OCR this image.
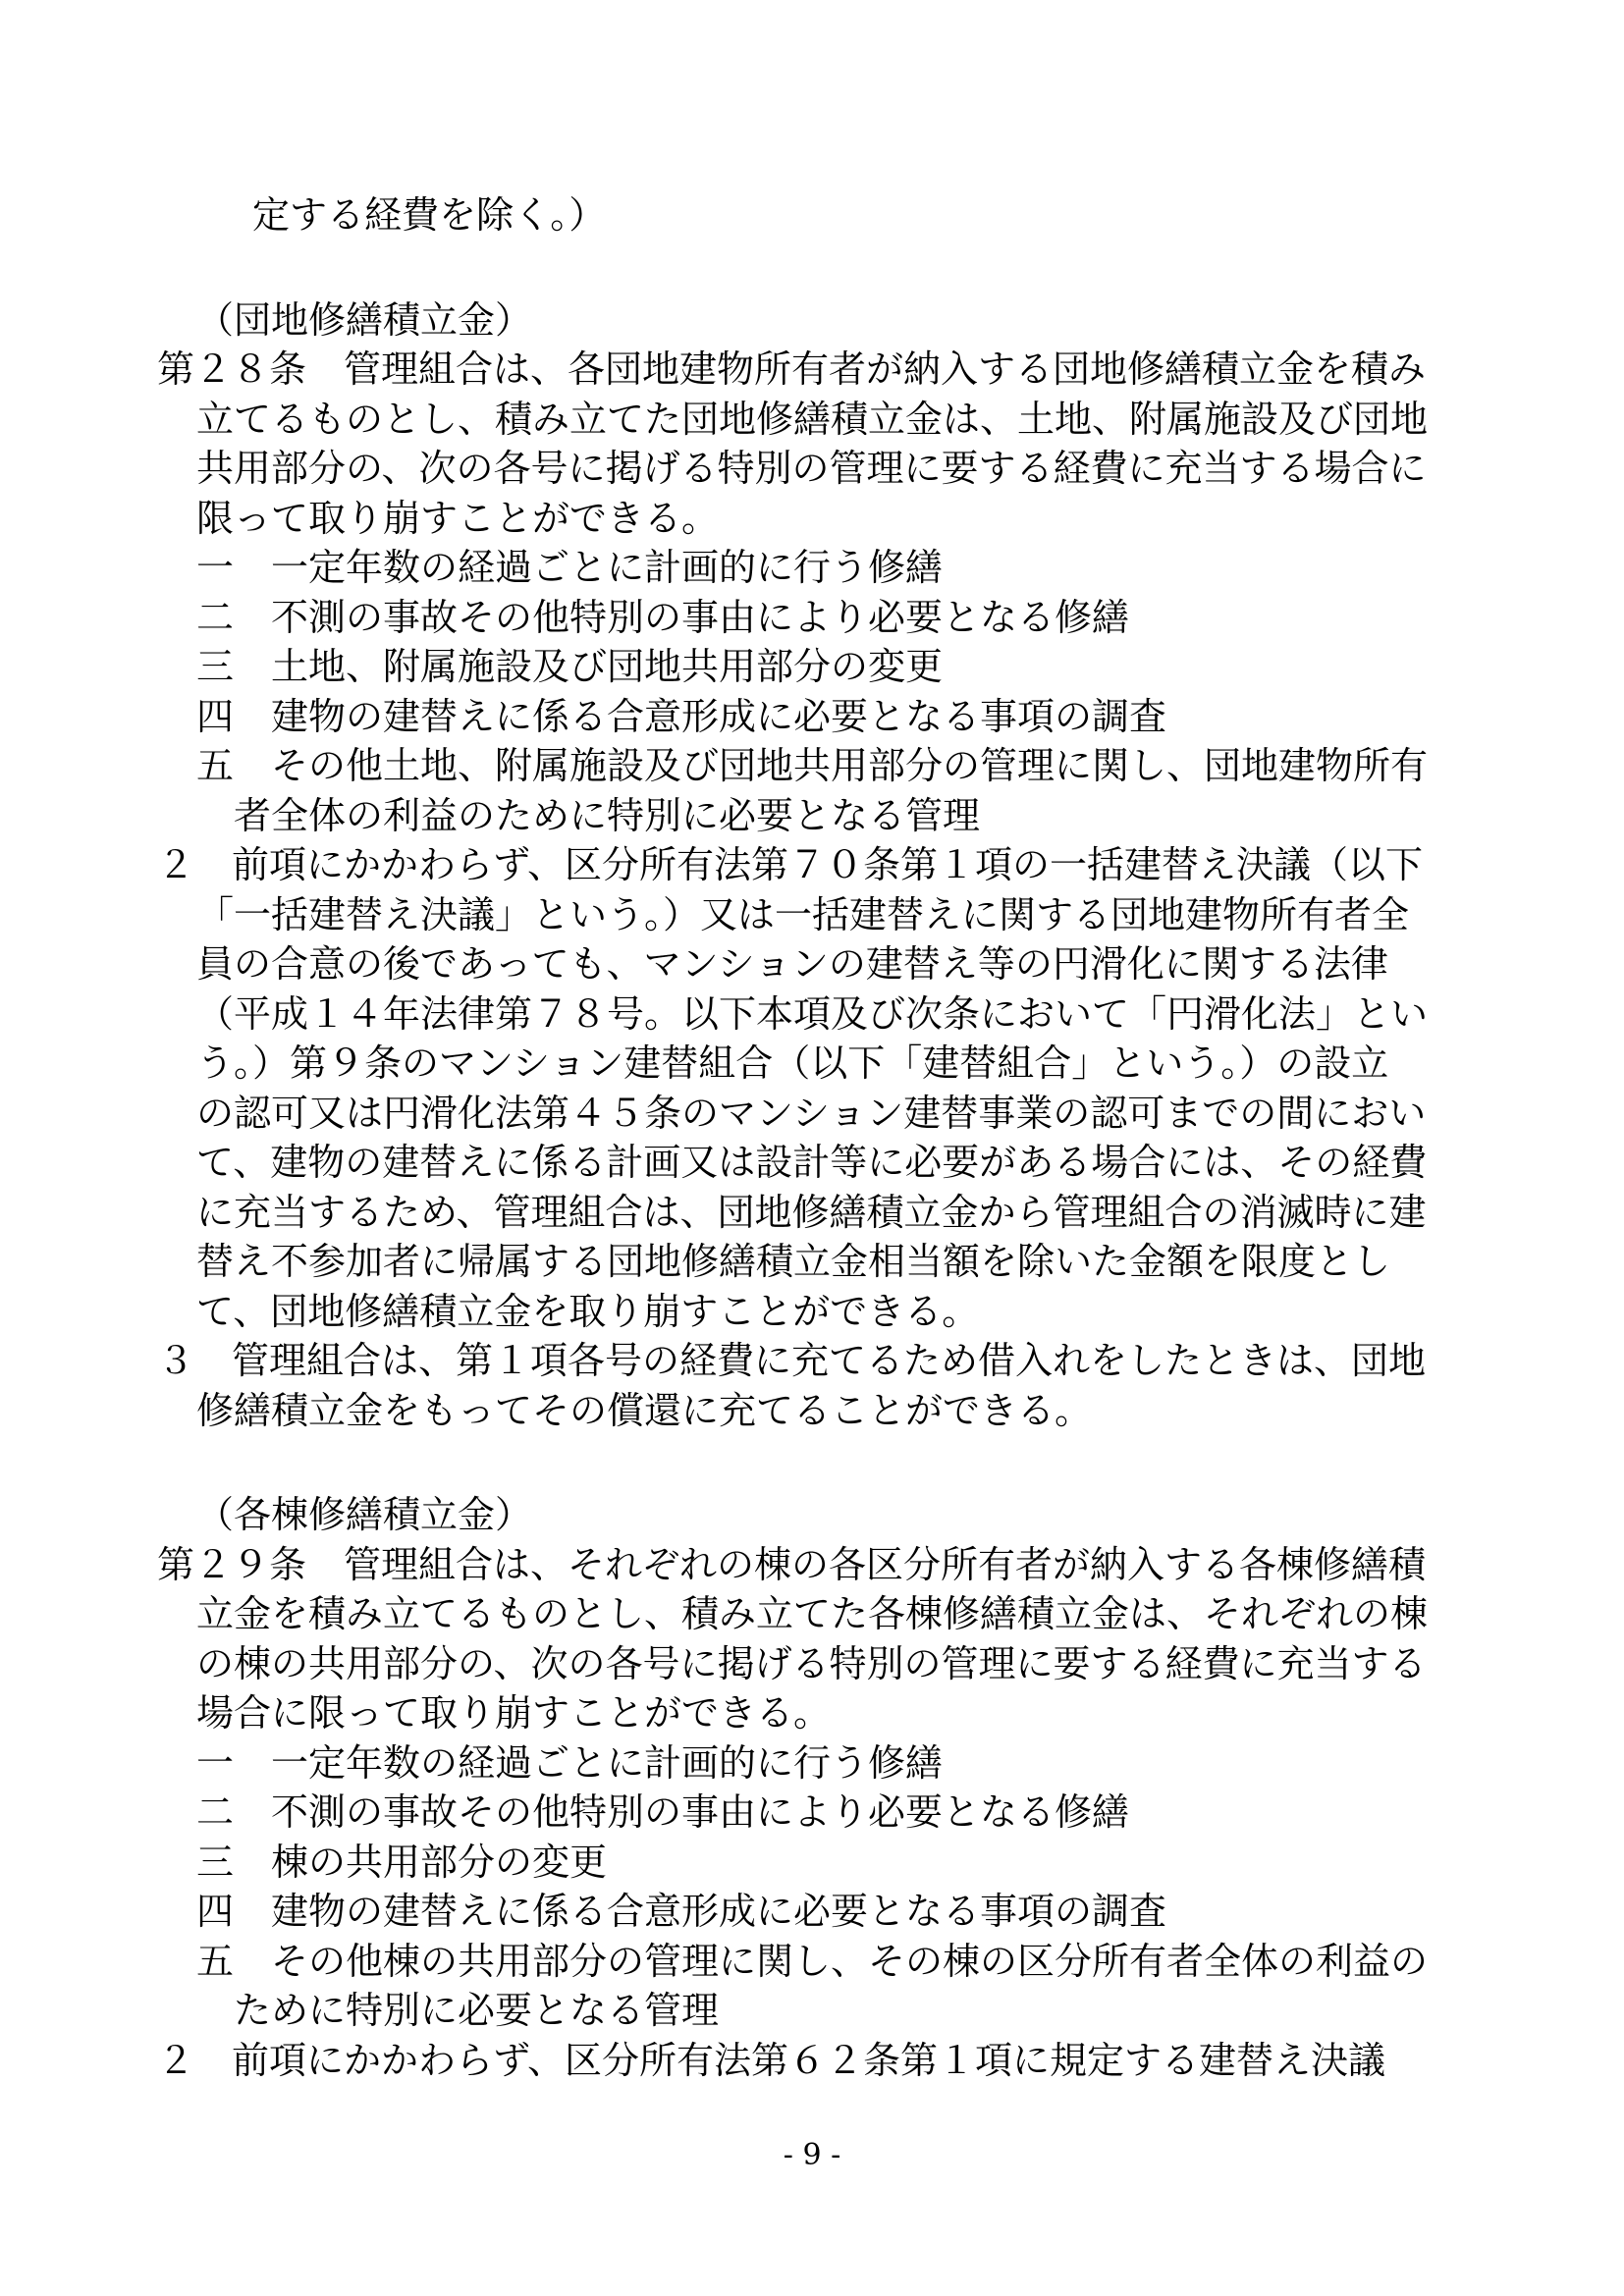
定する経費を除く。）
（団地修繕積立金）
第２８条　管理組合は、各団地建物所有者が納入する団地修繕積立金を積み
立てるものとし、積み立てた団地修繕積立金は、土地、附属施設及び団地
共用部分の、次の各号に掲げる特別の管理に要する経費に充当する場合に
限って取り崩すことができる。
一　一定年数の経過ごとに計画的に行う修繕
二　不測の事故その他特別の事由により必要となる修繕
三　土地、附属施設及び団地共用部分の変更
四　建物の建替えに係る合意形成に必要となる事項の調査
五　その他土地、附属施設及び団地共用部分の管理に関し、団地建物所有
者全体の利益のために特別に必要となる管理
２　前項にかかわらず、区分所有法第７０条第１項の一括建替え決議（以下
「一括建替え決議」という。）又は一括建替えに関する団地建物所有者全
員の合意の後であっても、マンションの建替え等の円滑化に関する法律
（平成１４年法律第７８号。以下本項及び次条において「円滑化法」とい
う。）第９条のマンション建替組合（以下「建替組合」という。）の設立
の認可又は円滑化法第４５条のマンション建替事業の認可までの間におい
て、建物の建替えに係る計画又は設計等に必要がある場合には、その経費
に充当するため、管理組合は、団地修繕積立金から管理組合の消滅時に建
替え不参加者に帰属する団地修繕積立金相当額を除いた金額を限度とし
て、団地修繕積立金を取り崩すことができる。
３　管理組合は、第１項各号の経費に充てるため借入れをしたときは、団地
修繕積立金をもってその償還に充てることができる。
（各棟修繕積立金）
第２９条　管理組合は、それぞれの棟の各区分所有者が納入する各棟修繕積
立金を積み立てるものとし、積み立てた各棟修繕積立金は、それぞれの棟
の棟の共用部分の、次の各号に掲げる特別の管理に要する経費に充当する
場合に限って取り崩すことができる。
一　一定年数の経過ごとに計画的に行う修繕
二　不測の事故その他特別の事由により必要となる修繕
三　棟の共用部分の変更
四　建物の建替えに係る合意形成に必要となる事項の調査
五　その他棟の共用部分の管理に関し、その棟の区分所有者全体の利益の
ために特別に必要となる管理
２　前項にかかわらず、区分所有法第６２条第１項に規定する建替え決議
- 9 -
